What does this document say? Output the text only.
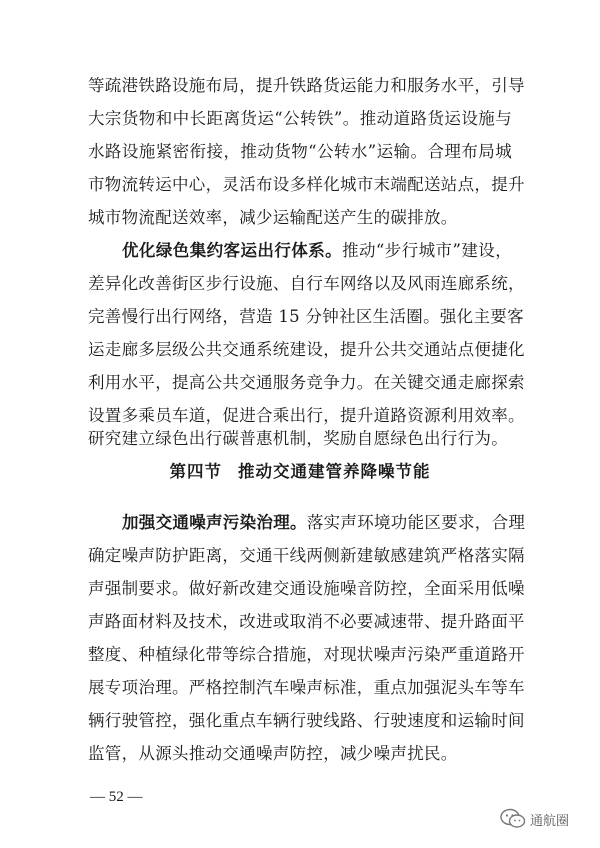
等疏港铁路设施布局，提升铁路货运能力和服务水平，引导
大宗货物和中长距离货运“公转铁”。推动道路货运设施与
水路设施紧密衔接，推动货物“公转水”运输。合理布局城
市物流转运中心，灵活布设多样化城市末端配送站点，提升
城市物流配送效率，减少运输配送产生的碳排放。
优化绿色集约客运出行体系。推动“步行城市”建设，
差异化改善街区步行设施、自行车网络以及风雨连廊系统，
完善慢行出行网络，营造 15 分钟社区生活圈。强化主要客
运走廊多层级公共交通系统建设，提升公共交通站点便捷化
利用水平，提高公共交通服务竞争力。在关键交通走廊探索
设置多乘员车道，促进合乘出行，提升道路资源利用效率。
研究建立绿色出行碳普惠机制，奖励自愿绿色出行行为。
第四节 推动交通建管养降噪节能
加强交通噪声污染治理。落实声环境功能区要求，合理
确定噪声防护距离，交通干线两侧新建敏感建筑严格落实隔
声强制要求。做好新改建交通设施噪音防控，全面采用低噪
声路面材料及技术，改进或取消不必要减速带、提升路面平
整度、种植绿化带等综合措施，对现状噪声污染严重道路开
展专项治理。严格控制汽车噪声标准，重点加强泥头车等车
辆行驶管控，强化重点车辆行驶线路、行驶速度和运输时间
监管，从源头推动交通噪声防控，减少噪声扰民。
— 52 —
通航圈
